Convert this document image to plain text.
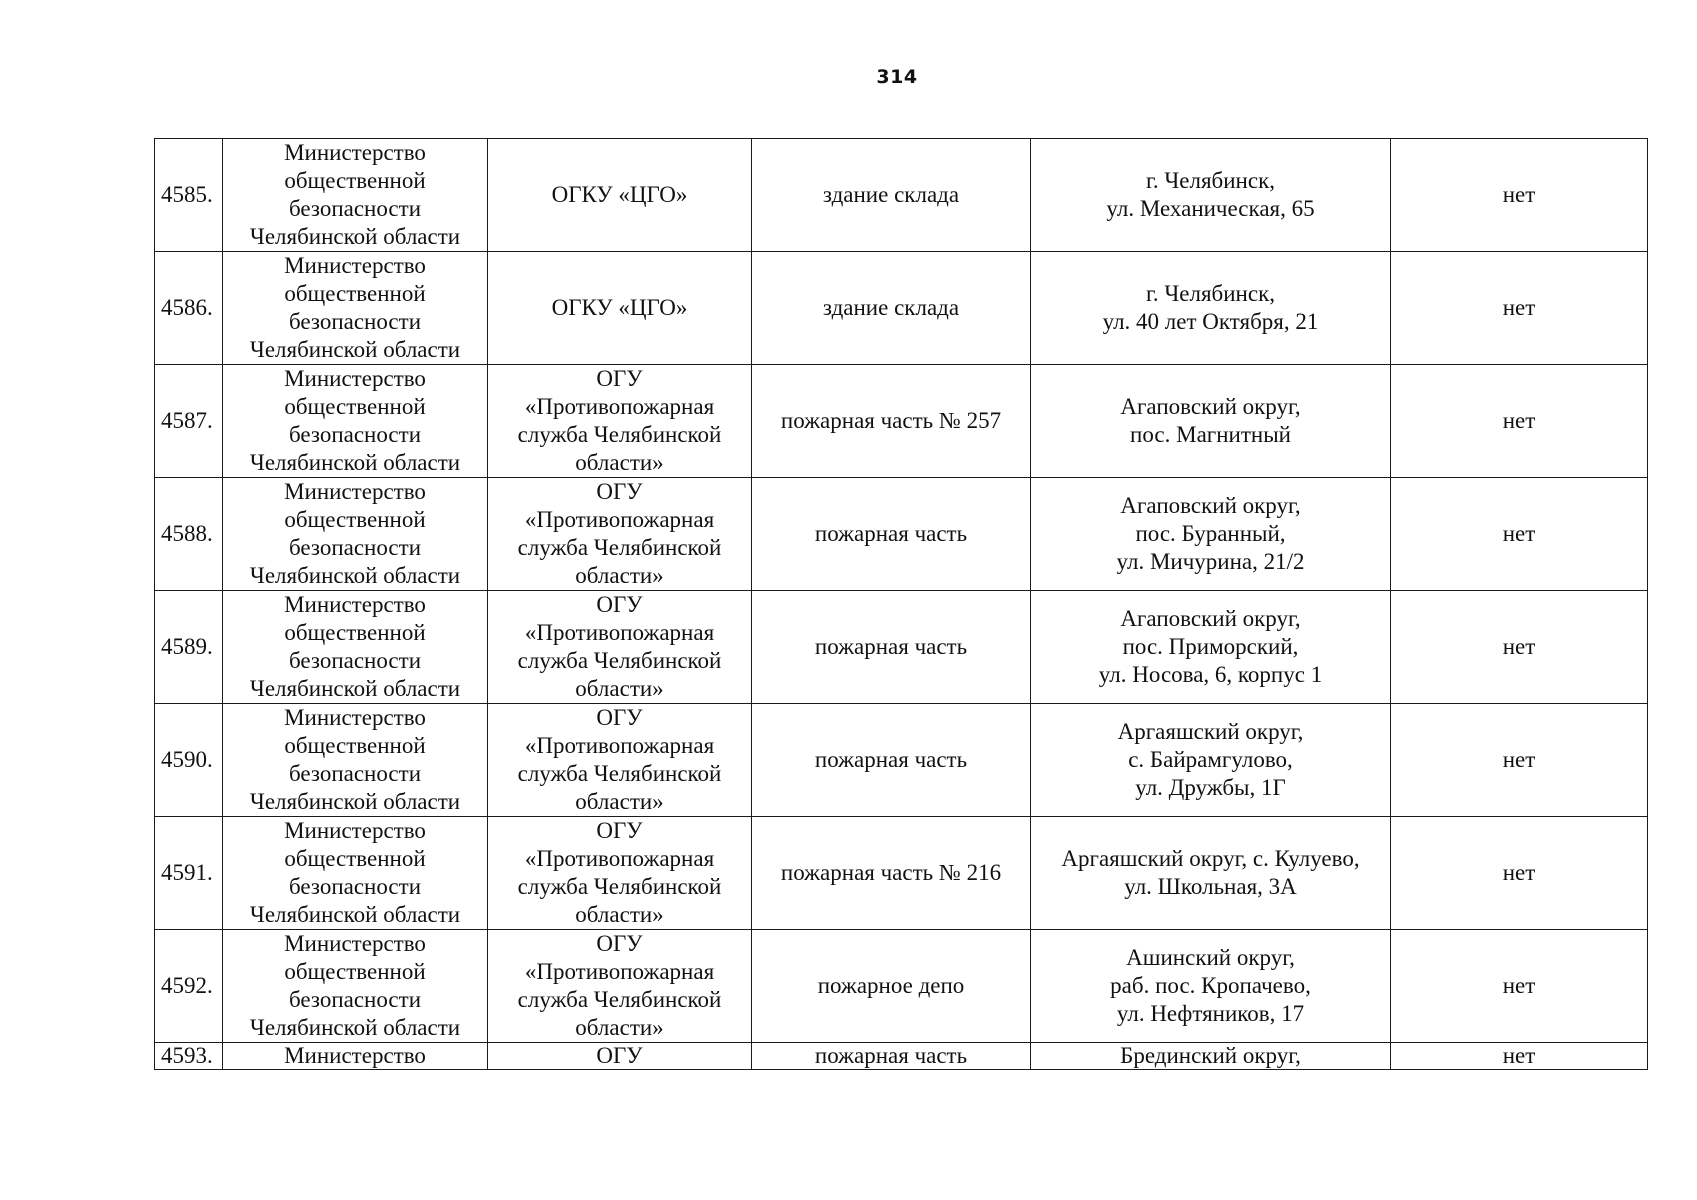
314
4585.	Министерство
общественной
безопасности
Челябинской области	ОГКУ «ЦГО»	здание склада	г. Челябинск,
ул. Механическая, 65	нет
4586.	Министерство
общественной
безопасности
Челябинской области	ОГКУ «ЦГО»	здание склада	г. Челябинск,
ул. 40 лет Октября, 21	нет
4587.	Министерство
общественной
безопасности
Челябинской области	ОГУ
«Противопожарная
служба Челябинской
области»	пожарная часть № 257	Агаповский округ,
пос. Магнитный	нет
4588.	Министерство
общественной
безопасности
Челябинской области	ОГУ
«Противопожарная
служба Челябинской
области»	пожарная часть	Агаповский округ,
пос. Буранный,
ул. Мичурина, 21/2	нет
4589.	Министерство
общественной
безопасности
Челябинской области	ОГУ
«Противопожарная
служба Челябинской
области»	пожарная часть	Агаповский округ,
пос. Приморский,
ул. Носова, 6, корпус 1	нет
4590.	Министерство
общественной
безопасности
Челябинской области	ОГУ
«Противопожарная
служба Челябинской
области»	пожарная часть	Аргаяшский округ,
с. Байрамгулово,
ул. Дружбы, 1Г	нет
4591.	Министерство
общественной
безопасности
Челябинской области	ОГУ
«Противопожарная
служба Челябинской
области»	пожарная часть № 216	Аргаяшский округ, с. Кулуево,
ул. Школьная, 3А	нет
4592.	Министерство
общественной
безопасности
Челябинской области	ОГУ
«Противопожарная
служба Челябинской
области»	пожарное депо	Ашинский округ,
раб. пос. Кропачево,
ул. Нефтяников, 17	нет
4593.	Министерство	ОГУ	пожарная часть	Брединский округ,	нет
